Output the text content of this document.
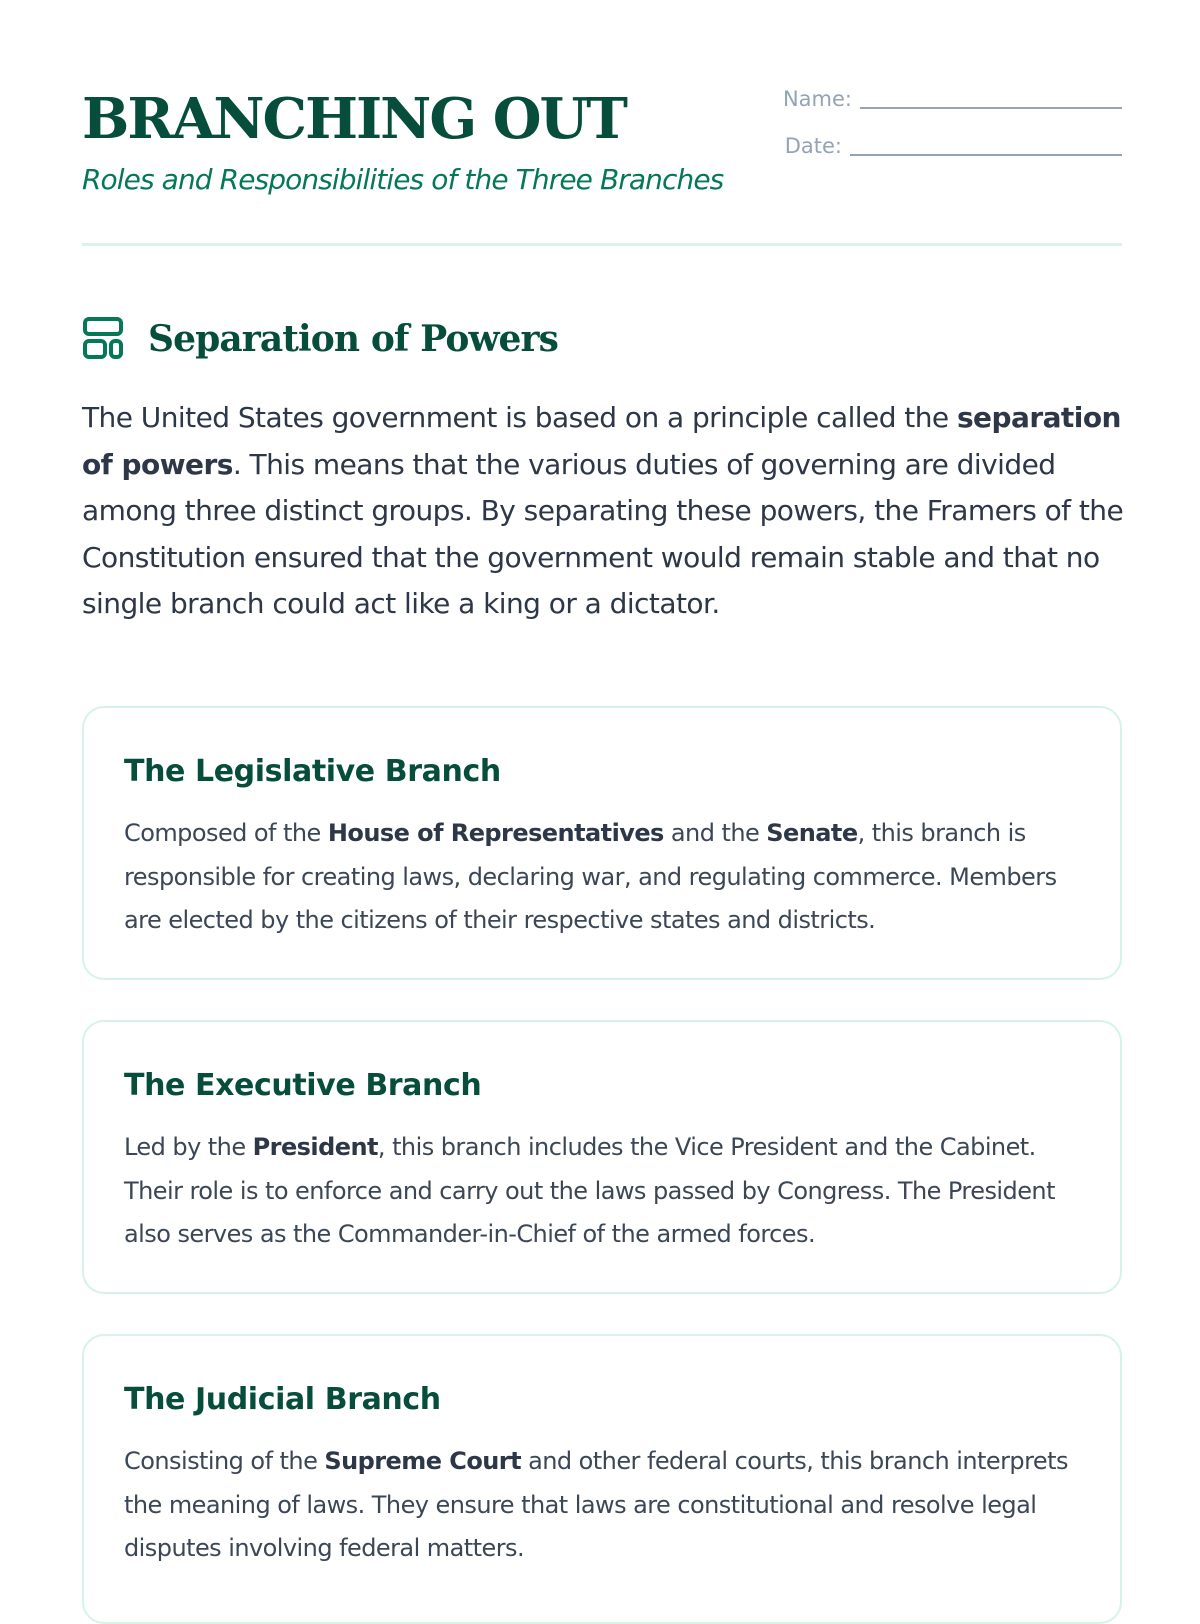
BRANCHING OUT
Roles and Responsibilities of the Three Branches
Name:
Date:
Separation of Powers

The United States government is based on a principle called the separation of powers. This means that the various duties of governing are divided among three distinct groups. By separating these powers, the Framers of the Constitution ensured that the government would remain stable and that no single branch could act like a king or a dictator.

The Legislative Branch

Composed of the House of Representatives and the Senate, this branch is responsible for creating laws, declaring war, and regulating commerce. Members are elected by the citizens of their respective states and districts.

The Executive Branch

Led by the President, this branch includes the Vice President and the Cabinet. Their role is to enforce and carry out the laws passed by Congress. The President also serves as the Commander-in-Chief of the armed forces.

The Judicial Branch

Consisting of the Supreme Court and other federal courts, this branch interprets the meaning of laws. They ensure that laws are constitutional and resolve legal disputes involving federal matters.
